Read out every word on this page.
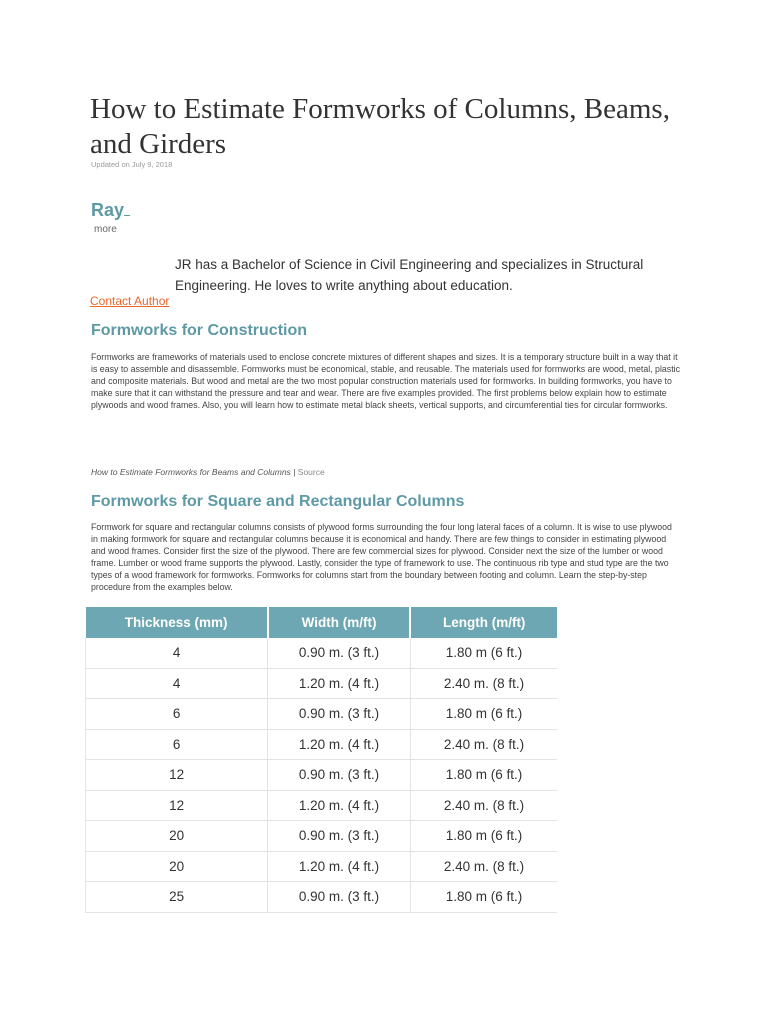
How to Estimate Formworks of Columns, Beams, and Girders
Updated on July 9, 2018
Ray
more
JR has a Bachelor of Science in Civil Engineering and specializes in Structural Engineering. He loves to write anything about education.
Contact Author
Formworks for Construction

Formworks are frameworks of materials used to enclose concrete mixtures of different shapes and sizes. It is a temporary structure built in a way that it is easy to assemble and disassemble. Formworks must be economical, stable, and reusable. The materials used for formworks are wood, metal, plastic and composite materials. But wood and metal are the two most popular construction materials used for formworks. In building formworks, you have to make sure that it can withstand the pressure and tear and wear. There are five examples provided. The first problems below explain how to estimate plywoods and wood frames. Also, you will learn how to estimate metal black sheets, vertical supports, and circumferential ties for circular formworks.

How to Estimate Formworks for Beams and Columns | Source
Formworks for Square and Rectangular Columns

Formwork for square and rectangular columns consists of plywood forms surrounding the four long lateral faces of a column. It is wise to use plywood in making formwork for square and rectangular columns because it is economical and handy. There are few things to consider in estimating plywood and wood frames. Consider first the size of the plywood. There are few commercial sizes for plywood. Consider next the size of the lumber or wood frame. Lumber or wood frame supports the plywood. Lastly, consider the type of framework to use. The continuous rib type and stud type are the two types of a wood framework for formworks. Formworks for columns start from the boundary between footing and column. Learn the step-by-step procedure from the examples below.

Thickness (mm)	Width (m/ft)	Length (m/ft)
4	0.90 m. (3 ft.)	1.80 m (6 ft.)
4	1.20 m. (4 ft.)	2.40 m. (8 ft.)
6	0.90 m. (3 ft.)	1.80 m (6 ft.)
6	1.20 m. (4 ft.)	2.40 m. (8 ft.)
12	0.90 m. (3 ft.)	1.80 m (6 ft.)
12	1.20 m. (4 ft.)	2.40 m. (8 ft.)
20	0.90 m. (3 ft.)	1.80 m (6 ft.)
20	1.20 m. (4 ft.)	2.40 m. (8 ft.)
25	0.90 m. (3 ft.)	1.80 m (6 ft.)
